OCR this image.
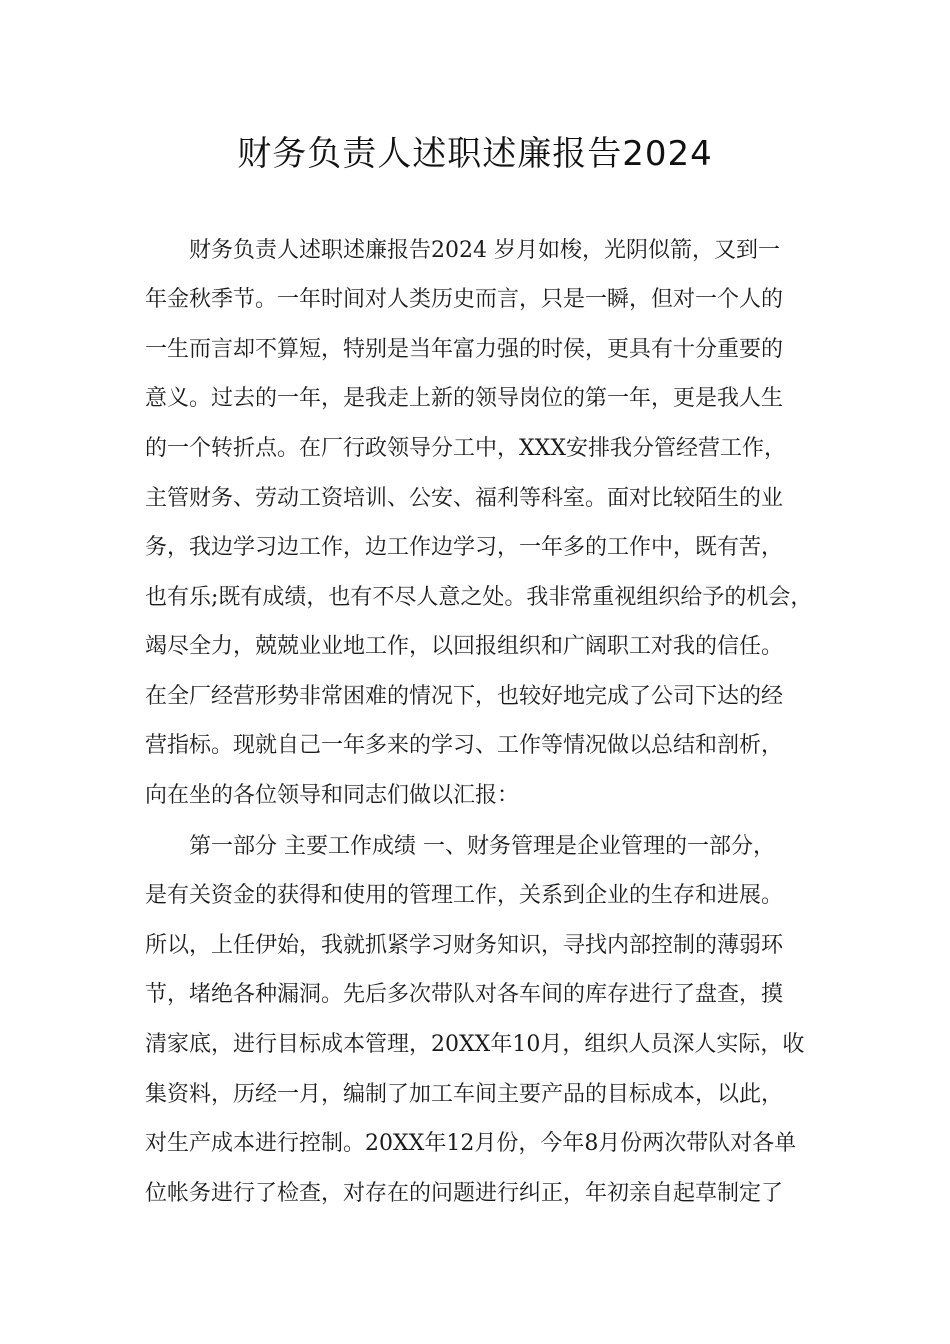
财务负责人述职述廉报告2024
财务负责人述职述廉报告2024 岁月如梭，光阴似箭，又到一
年金秋季节。一年时间对人类历史而言，只是一瞬，但对一个人的
一生而言却不算短，特别是当年富力强的时侯，更具有十分重要的
意义。过去的一年，是我走上新的领导岗位的第一年，更是我人生
的一个转折点。在厂行政领导分工中，XXX安排我分管经营工作，
主管财务、劳动工资培训、公安、福利等科室。面对比较陌生的业
务，我边学习边工作，边工作边学习，一年多的工作中，既有苦，
也有乐;既有成绩，也有不尽人意之处。我非常重视组织给予的机会，
竭尽全力，兢兢业业地工作，以回报组织和广阔职工对我的信任。
在全厂经营形势非常困难的情况下，也较好地完成了公司下达的经
营指标。现就自己一年多来的学习、工作等情况做以总结和剖析，
向在坐的各位领导和同志们做以汇报：
第一部分 主要工作成绩 一、财务管理是企业管理的一部分，
是有关资金的获得和使用的管理工作，关系到企业的生存和进展。
所以，上任伊始，我就抓紧学习财务知识，寻找内部控制的薄弱环
节，堵绝各种漏洞。先后多次带队对各车间的库存进行了盘查，摸
清家底，进行目标成本管理，20XX年10月，组织人员深人实际，收
集资料，历经一月，编制了加工车间主要产品的目标成本，以此，
对生产成本进行控制。20XX年12月份，今年8月份两次带队对各单
位帐务进行了检查，对存在的问题进行纠正，年初亲自起草制定了
